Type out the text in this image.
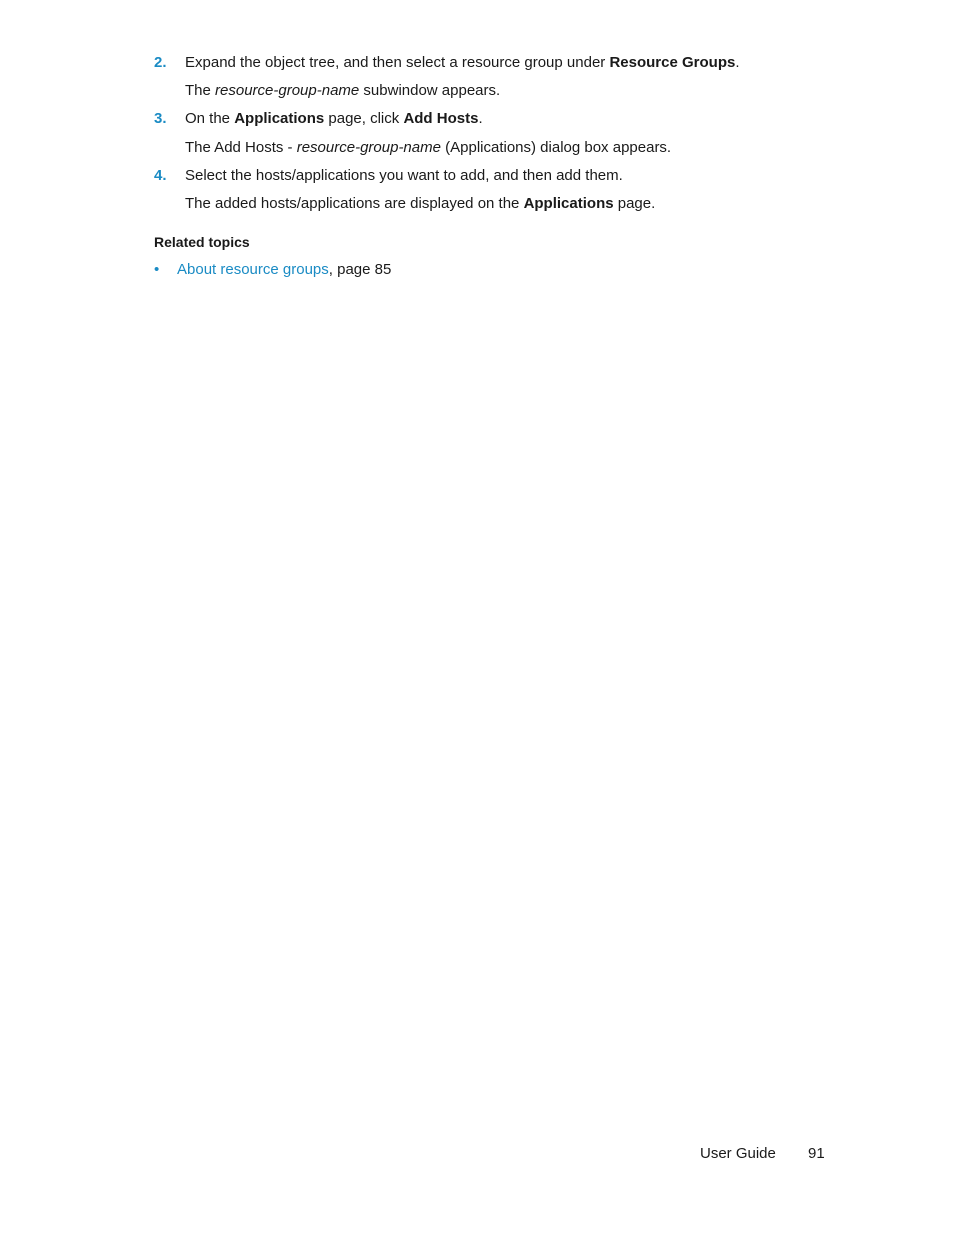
2. Expand the object tree, and then select a resource group under Resource Groups.
The resource-group-name subwindow appears.
3. On the Applications page, click Add Hosts.
The Add Hosts - resource-group-name (Applications) dialog box appears.
4. Select the hosts/applications you want to add, and then add them.
The added hosts/applications are displayed on the Applications page.
Related topics
• About resource groups, page 85
User Guide 91
